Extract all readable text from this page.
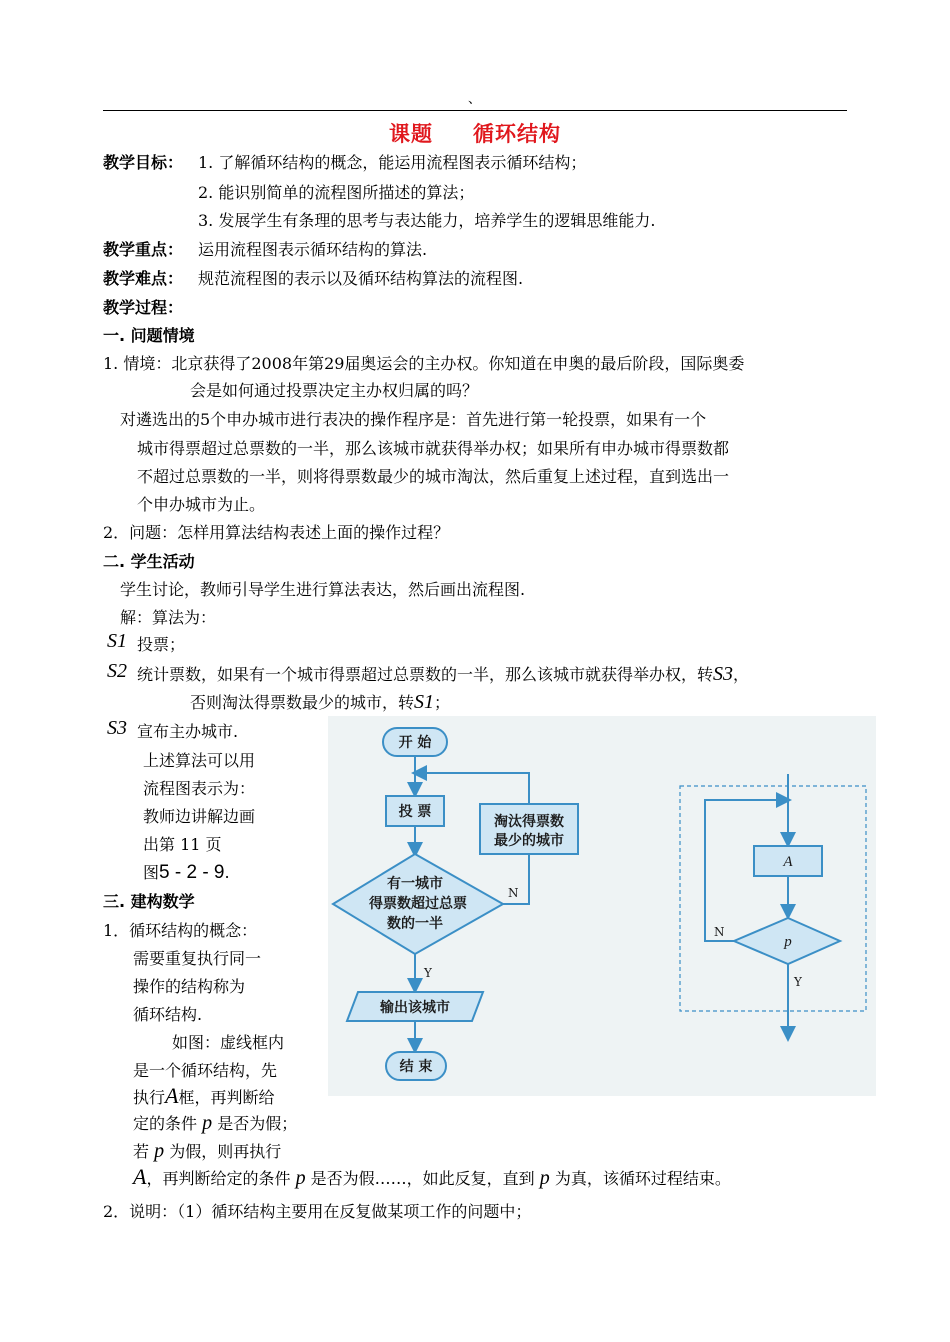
、
课题 循环结构
教学目标： 1. 了解循环结构的概念，能运用流程图表示循环结构；
2. 能识别简单的流程图所描述的算法；
3. 发展学生有条理的思考与表达能力，培养学生的逻辑思维能力.
教学重点： 运用流程图表示循环结构的算法.
教学难点： 规范流程图的表示以及循环结构算法的流程图.
教学过程：
一. 问题情境
1. 情境：北京获得了2008年第29届奥运会的主办权。你知道在申奥的最后阶段，国际奥委
会是如何通过投票决定主办权归属的吗？
对遴选出的5个申办城市进行表决的操作程序是：首先进行第一轮投票，如果有一个
城市得票超过总票数的一半，那么该城市就获得举办权；如果所有申办城市得票数都
不超过总票数的一半，则将得票数最少的城市淘汰，然后重复上述过程，直到选出一
个申办城市为止。
2．问题：怎样用算法结构表述上面的操作过程？
二. 学生活动
学生讨论，教师引导学生进行算法表达，然后画出流程图.
解：算法为：
S1 投票；
S2 统计票数，如果有一个城市得票超过总票数的一半，那么该城市就获得举办权，转S3，
否则淘汰得票数最少的城市，转S1；
S3 宣布主办城市.
上述算法可以用
流程图表示为：
教师边讲解边画
出第 11 页
图5 - 2 - 9.
三. 建构数学
1．循环结构的概念：
需要重复执行同一
操作的结构称为
循环结构.
如图：虚线框内
是一个循环结构，先
执行A框，再判断给
定的条件 p 是否为假；
若 p 为假，则再执行
A，再判断给定的条件 p 是否为假……，如此反复，直到 p 为真，该循环过程结束。
2．说明：（1）循环结构主要用在反复做某项工作的问题中；
开 始
投 票
淘汰得票数
最少的城市
有一城市
得票数超过总票
数的一半
输出该城市
结 束
N
Y
N
Y
A
p
